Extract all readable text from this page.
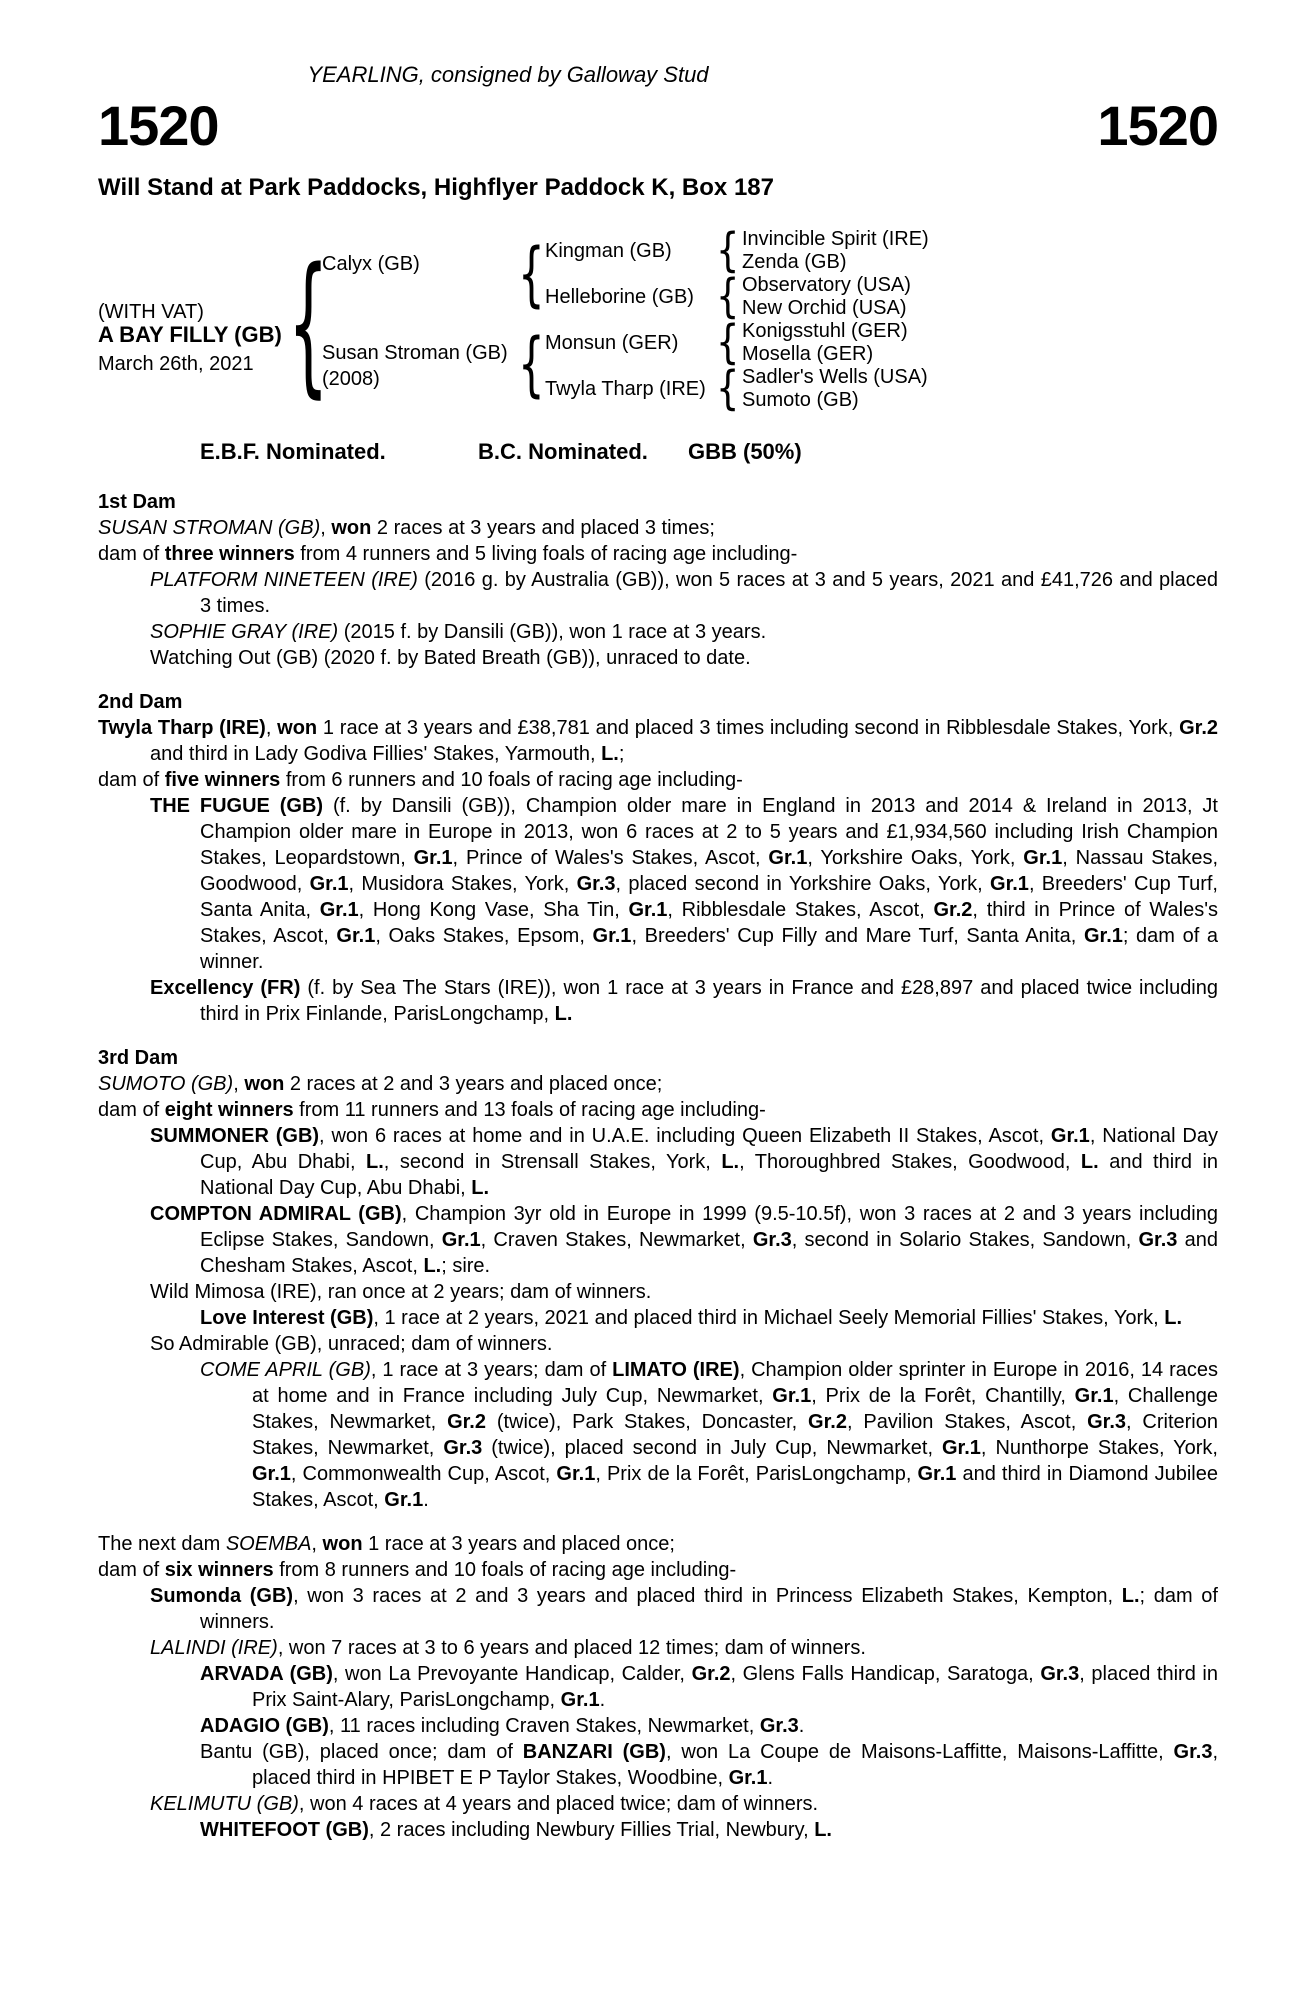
YEARLING, consigned by Galloway Stud
1520	1520
Will Stand at Park Paddocks, Highflyer Paddock K, Box 187
(WITH VAT)
A BAY FILLY (GB)
March 26th, 2021
{
{
{
{
{
{
{
Calyx (GB)
Susan Stroman (GB)
(2008)
Kingman (GB)
Helleborine (GB)
Monsun (GER)
Twyla Tharp (IRE)
Invincible Spirit (IRE)
Zenda (GB)
Observatory (USA)
New Orchid (USA)
Konigsstuhl (GER)
Mosella (GER)
Sadler's Wells (USA)
Sumoto (GB)
E.B.F. Nominated.	B.C. Nominated. GBB (50%)
1st Dam
SUSAN STROMAN (GB), won 2 races at 3 years and placed 3 times;
dam of three winners from 4 runners and 5 living foals of racing age including-
PLATFORM NINETEEN (IRE) (2016 g. by Australia (GB)), won 5 races at 3 and 5 years, 2021 and £41,726 and placed 3 times.
SOPHIE GRAY (IRE) (2015 f. by Dansili (GB)), won 1 race at 3 years.
Watching Out (GB) (2020 f. by Bated Breath (GB)), unraced to date.
2nd Dam
Twyla Tharp (IRE), won 1 race at 3 years and £38,781 and placed 3 times including second in Ribblesdale Stakes, York, Gr.2 and third in Lady Godiva Fillies' Stakes, Yarmouth, L.;
dam of five winners from 6 runners and 10 foals of racing age including-
THE FUGUE (GB) (f. by Dansili (GB)), Champion older mare in England in 2013 and 2014 & Ireland in 2013, Jt Champion older mare in Europe in 2013, won 6 races at 2 to 5 years and £1,934,560 including Irish Champion Stakes, Leopardstown, Gr.1, Prince of Wales's Stakes, Ascot, Gr.1, Yorkshire Oaks, York, Gr.1, Nassau Stakes, Goodwood, Gr.1, Musidora Stakes, York, Gr.3, placed second in Yorkshire Oaks, York, Gr.1, Breeders' Cup Turf, Santa Anita, Gr.1, Hong Kong Vase, Sha Tin, Gr.1, Ribblesdale Stakes, Ascot, Gr.2, third in Prince of Wales's Stakes, Ascot, Gr.1, Oaks Stakes, Epsom, Gr.1, Breeders' Cup Filly and Mare Turf, Santa Anita, Gr.1; dam of a winner.
Excellency (FR) (f. by Sea The Stars (IRE)), won 1 race at 3 years in France and £28,897 and placed twice including third in Prix Finlande, ParisLongchamp, L.
3rd Dam
SUMOTO (GB), won 2 races at 2 and 3 years and placed once;
dam of eight winners from 11 runners and 13 foals of racing age including-
SUMMONER (GB), won 6 races at home and in U.A.E. including Queen Elizabeth II Stakes, Ascot, Gr.1, National Day Cup, Abu Dhabi, L., second in Strensall Stakes, York, L., Thoroughbred Stakes, Goodwood, L. and third in National Day Cup, Abu Dhabi, L.
COMPTON ADMIRAL (GB), Champion 3yr old in Europe in 1999 (9.5-10.5f), won 3 races at 2 and 3 years including Eclipse Stakes, Sandown, Gr.1, Craven Stakes, Newmarket, Gr.3, second in Solario Stakes, Sandown, Gr.3 and Chesham Stakes, Ascot, L.; sire.
Wild Mimosa (IRE), ran once at 2 years; dam of winners.
Love Interest (GB), 1 race at 2 years, 2021 and placed third in Michael Seely Memorial Fillies' Stakes, York, L.
So Admirable (GB), unraced; dam of winners.
COME APRIL (GB), 1 race at 3 years; dam of LIMATO (IRE), Champion older sprinter in Europe in 2016, 14 races at home and in France including July Cup, Newmarket, Gr.1, Prix de la Forêt, Chantilly, Gr.1, Challenge Stakes, Newmarket, Gr.2 (twice), Park Stakes, Doncaster, Gr.2, Pavilion Stakes, Ascot, Gr.3, Criterion Stakes, Newmarket, Gr.3 (twice), placed second in July Cup, Newmarket, Gr.1, Nunthorpe Stakes, York, Gr.1, Commonwealth Cup, Ascot, Gr.1, Prix de la Forêt, ParisLongchamp, Gr.1 and third in Diamond Jubilee Stakes, Ascot, Gr.1.
The next dam SOEMBA, won 1 race at 3 years and placed once;
dam of six winners from 8 runners and 10 foals of racing age including-
Sumonda (GB), won 3 races at 2 and 3 years and placed third in Princess Elizabeth Stakes, Kempton, L.; dam of winners.
LALINDI (IRE), won 7 races at 3 to 6 years and placed 12 times; dam of winners.
ARVADA (GB), won La Prevoyante Handicap, Calder, Gr.2, Glens Falls Handicap, Saratoga, Gr.3, placed third in Prix Saint-Alary, ParisLongchamp, Gr.1.
ADAGIO (GB), 11 races including Craven Stakes, Newmarket, Gr.3.
Bantu (GB), placed once; dam of BANZARI (GB), won La Coupe de Maisons-Laffitte, Maisons-Laffitte, Gr.3, placed third in HPIBET E P Taylor Stakes, Woodbine, Gr.1.
KELIMUTU (GB), won 4 races at 4 years and placed twice; dam of winners.
WHITEFOOT (GB), 2 races including Newbury Fillies Trial, Newbury, L.
